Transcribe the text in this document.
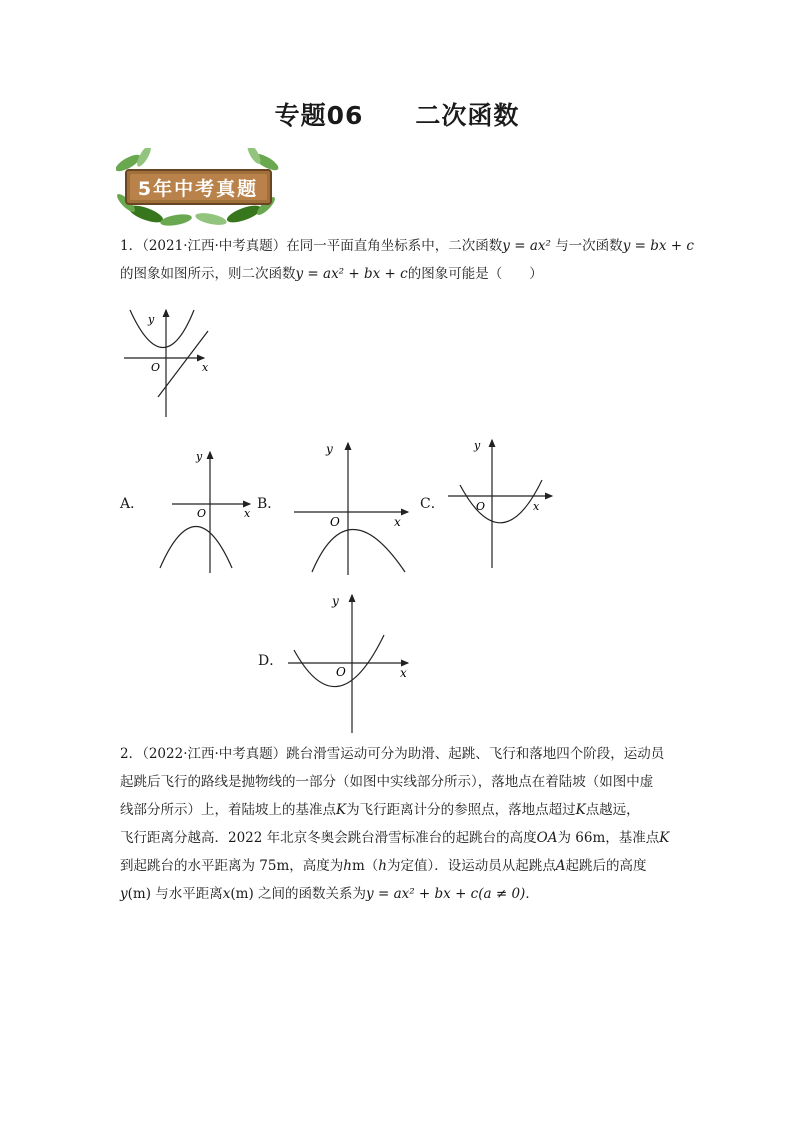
专题06　　二次函数
5年中考真题
1．（2021·江西·中考真题）在同一平面直角坐标系中，二次函数y = ax² 与一次函数y = bx + c
的图象如图所示，则二次函数y = ax² + bx + c的图象可能是（　　）
y
x
O
A．
y
x
O
B．
y
x
O
C．
y
x
O
D．
y
x
O
2．（2022·江西·中考真题）跳台滑雪运动可分为助滑、起跳、飞行和落地四个阶段，运动员
起跳后飞行的路线是抛物线的一部分（如图中实线部分所示），落地点在着陆坡（如图中虚
线部分所示）上，着陆坡上的基准点K为飞行距离计分的参照点，落地点超过K点越远，
飞行距离分越高．2022 年北京冬奥会跳台滑雪标准台的起跳台的高度OA为 66m，基准点K
到起跳台的水平距离为 75m，高度为hm（h为定值）．设运动员从起跳点A起跳后的高度
y(m) 与水平距离x(m) 之间的函数关系为y = ax² + bx + c(a ≠ 0)．
